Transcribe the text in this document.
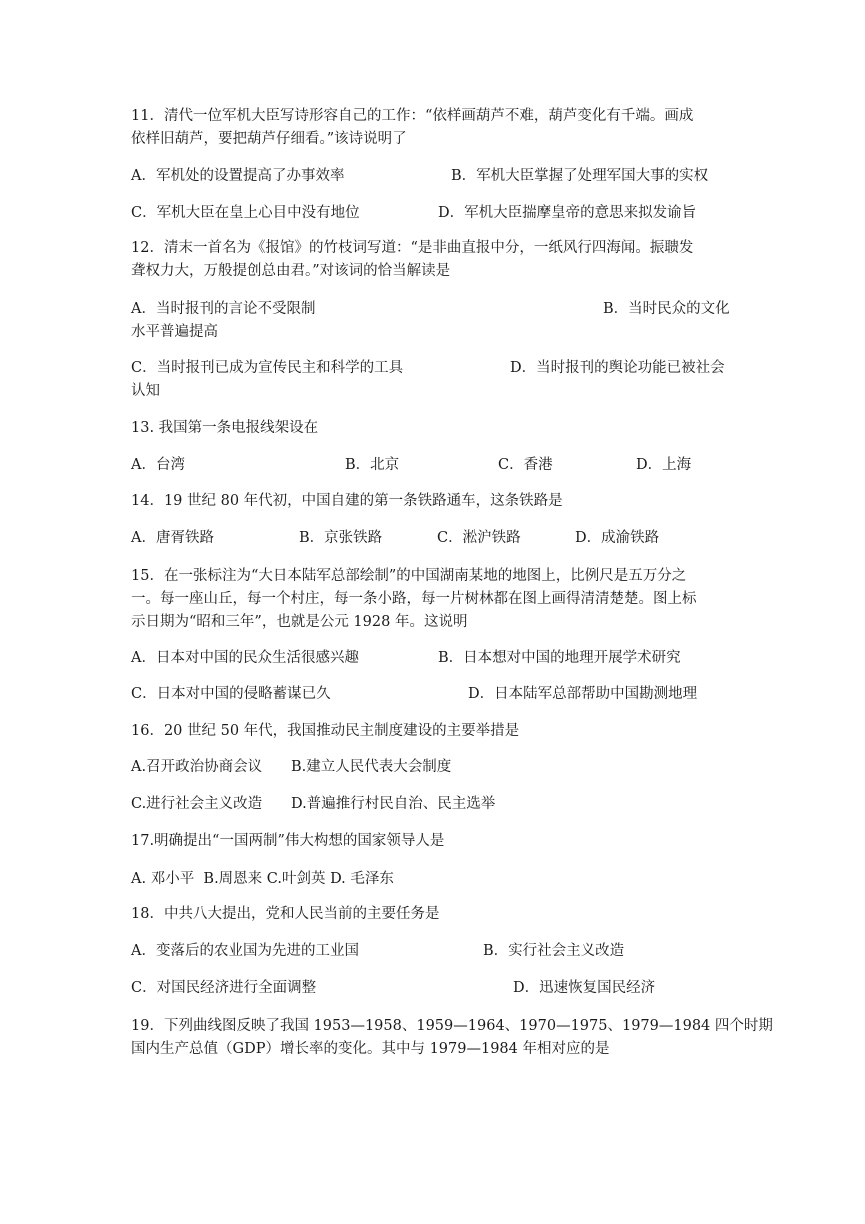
11．清代一位军机大臣写诗形容自己的工作：“依样画葫芦不难，葫芦变化有千端。画成
依样旧葫芦，要把葫芦仔细看。”该诗说明了
A．军机处的设置提高了办事效率	B．军机大臣掌握了处理军国大事的实权
C．军机大臣在皇上心目中没有地位	D．军机大臣揣摩皇帝的意思来拟发谕旨
12．清末一首名为《报馆》的竹枝词写道：“是非曲直报中分，一纸风行四海闻。振聩发
聋权力大，万般提创总由君。”对该词的恰当解读是
A．当时报刊的言论不受限制	B．当时民众的文化
水平普遍提高
C．当时报刊已成为宣传民主和科学的工具	D．当时报刊的舆论功能已被社会
认知
13. 我国第一条电报线架设在
A．台湾	B．北京	C．香港	D．上海
14．19 世纪 80 年代初，中国自建的第一条铁路通车，这条铁路是
A．唐胥铁路	B．京张铁路	C．淞沪铁路	D．成渝铁路
15．在一张标注为“大日本陆军总部绘制”的中国湖南某地的地图上，比例尺是五万分之
一。每一座山丘，每一个村庄，每一条小路，每一片树林都在图上画得清清楚楚。图上标
示日期为“昭和三年”，也就是公元 1928 年。这说明
A．日本对中国的民众生活很感兴趣	B．日本想对中国的地理开展学术研究
C．日本对中国的侵略蓄谋已久	D．日本陆军总部帮助中国勘测地理
16．20 世纪 50 年代，我国推动民主制度建设的主要举措是
A.召开政治协商会议 B.建立人民代表大会制度
C.进行社会主义改造 D.普遍推行村民自治、民主选举
17.明确提出“一国两制”伟大构想的国家领导人是
A. 邓小平  B.周恩来 C.叶剑英 D. 毛泽东
18．中共八大提出，党和人民当前的主要任务是
A．变落后的农业国为先进的工业国	B．实行社会主义改造
C．对国民经济进行全面调整	D．迅速恢复国民经济
19．下列曲线图反映了我国 1953—1958、1959—1964、1970—1975、1979—1984 四个时期
国内生产总值（GDP）增长率的变化。其中与 1979—1984 年相对应的是
